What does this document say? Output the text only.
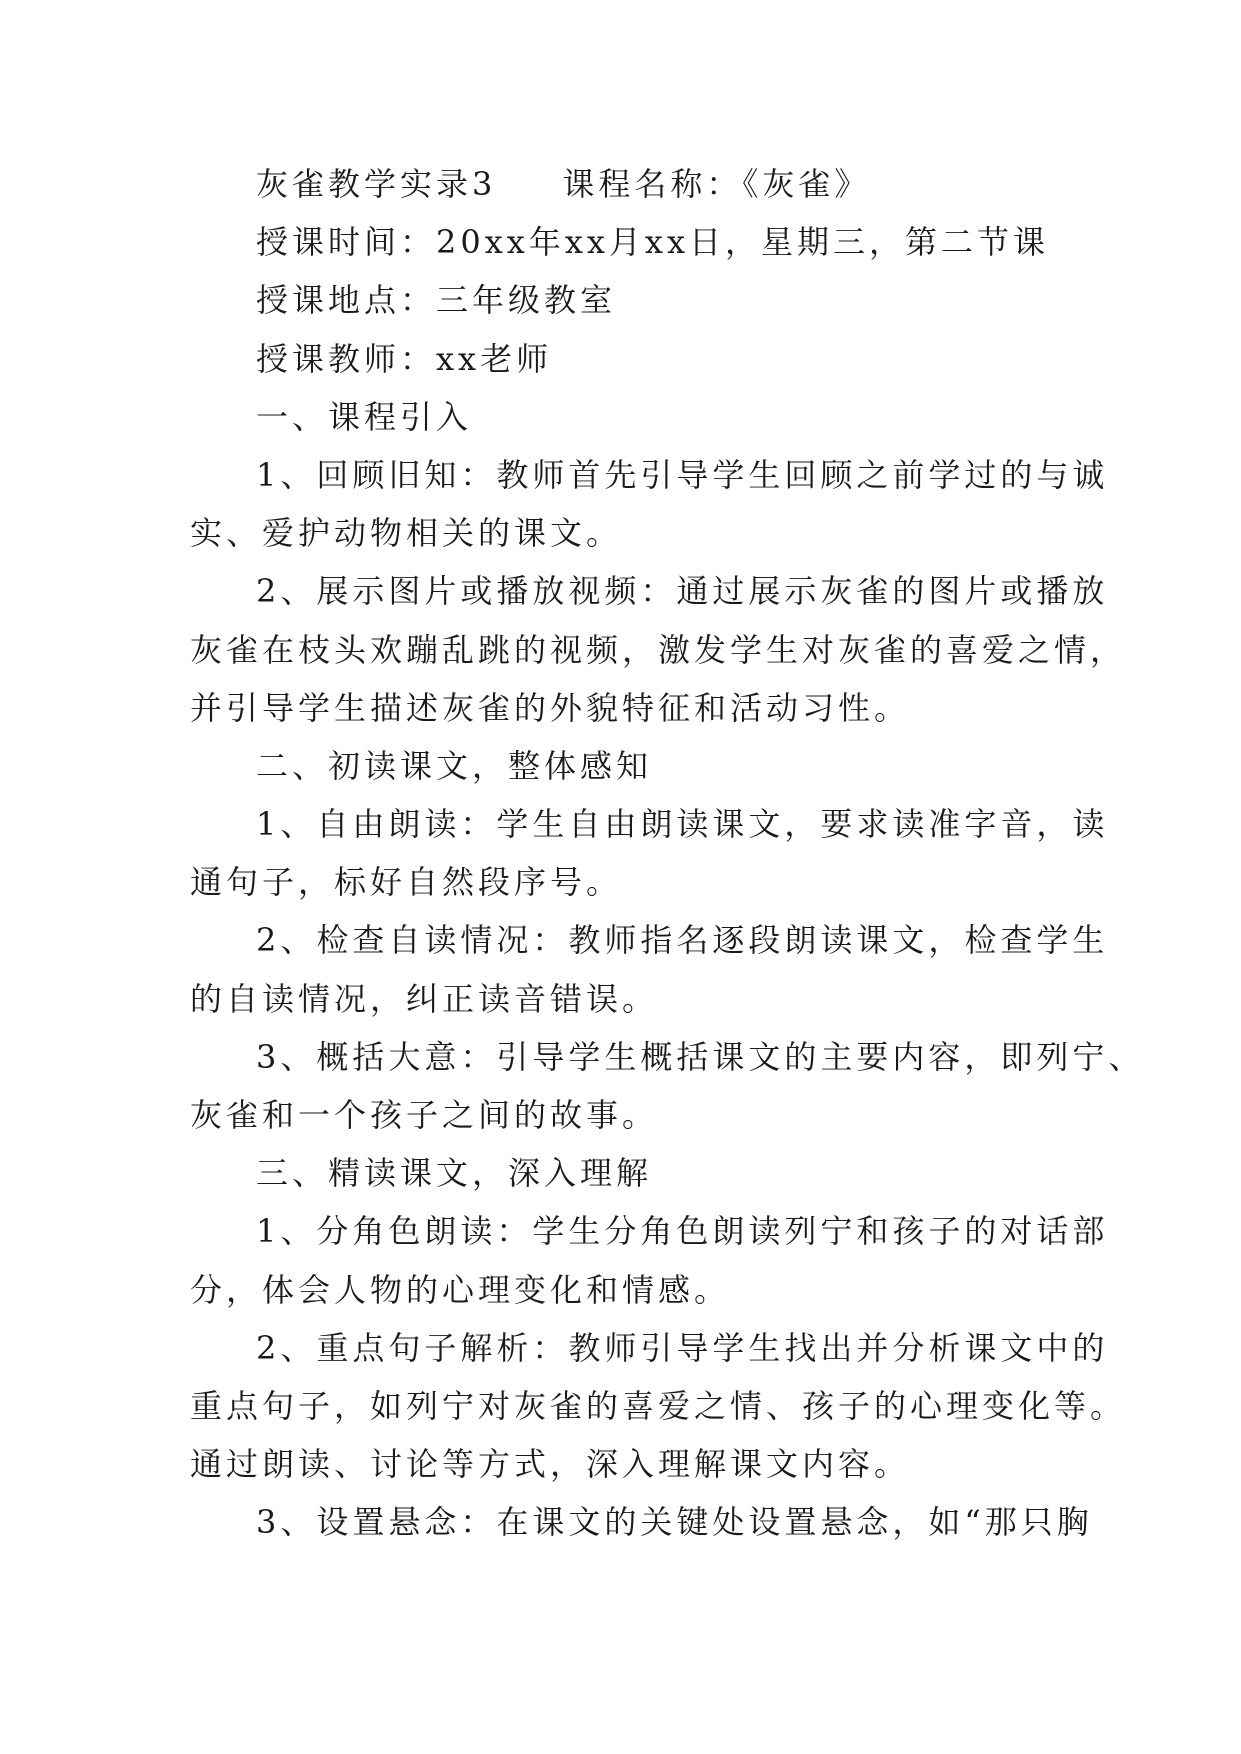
灰雀教学实录3 课程名称：《灰雀》
授课时间：20xx年xx月xx日，星期三，第二节课
授课地点：三年级教室
授课教师：xx老师
一、课程引入
1、回顾旧知：教师首先引导学生回顾之前学过的与诚
实、爱护动物相关的课文。
2、展示图片或播放视频：通过展示灰雀的图片或播放
灰雀在枝头欢蹦乱跳的视频，激发学生对灰雀的喜爱之情，
并引导学生描述灰雀的外貌特征和活动习性。
二、初读课文，整体感知
1、自由朗读：学生自由朗读课文，要求读准字音，读
通句子，标好自然段序号。
2、检查自读情况：教师指名逐段朗读课文，检查学生
的自读情况，纠正读音错误。
3、概括大意：引导学生概括课文的主要内容，即列宁、
灰雀和一个孩子之间的故事。
三、精读课文，深入理解
1、分角色朗读：学生分角色朗读列宁和孩子的对话部
分，体会人物的心理变化和情感。
2、重点句子解析：教师引导学生找出并分析课文中的
重点句子，如列宁对灰雀的喜爱之情、孩子的心理变化等。
通过朗读、讨论等方式，深入理解课文内容。
3、设置悬念：在课文的关键处设置悬念，如“那只胸
